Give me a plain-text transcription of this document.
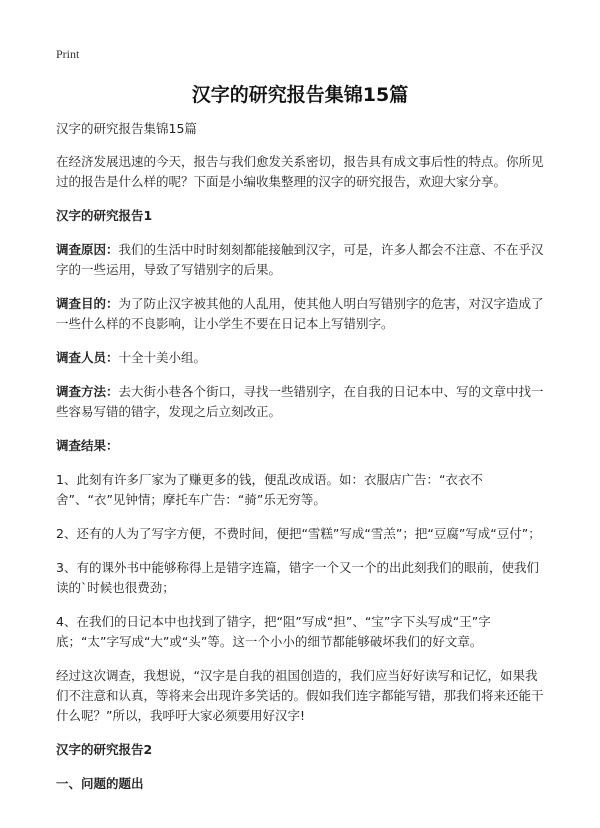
Print
汉字的研究报告集锦15篇

汉字的研究报告集锦15篇

在经济发展迅速的今天，报告与我们愈发关系密切，报告具有成文事后性的特点。你所见过的报告是什么样的呢？下面是小编收集整理的汉字的研究报告，欢迎大家分享。

汉字的研究报告1

调查原因：我们的生活中时时刻刻都能接触到汉字，可是，许多人都会不注意、不在乎汉字的一些运用，导致了写错别字的后果。

调查目的：为了防止汉字被其他的人乱用，使其他人明白写错别字的危害，对汉字造成了一些什么样的不良影响，让小学生不要在日记本上写错别字。

调查人员：十全十美小组。

调查方法：去大街小巷各个街口，寻找一些错别字，在自我的日记本中、写的文章中找一些容易写错的错字，发现之后立刻改正。

调查结果：

1、此刻有许多厂家为了赚更多的钱，便乱改成语。如：衣服店广告：“衣衣不舍”、“衣”见钟情；摩托车广告：“骑”乐无穷等。

2、还有的人为了写字方便，不费时间，便把“雪糕”写成“雪羔”；把“豆腐”写成“豆付”；

3、有的课外书中能够称得上是错字连篇，错字一个又一个的出此刻我们的眼前，使我们读的`时候也很费劲；

4、在我们的日记本中也找到了错字，把“阻”写成“担”、“宝”字下头写成“王”字底；“太”字写成“大”或“头”等。这一个小小的细节都能够破坏我们的好文章。

经过这次调查，我想说，“汉字是自我的祖国创造的，我们应当好好读写和记忆，如果我们不注意和认真，等将来会出现许多笑话的。假如我们连字都能写错，那我们将来还能干什么呢？”所以，我呼吁大家必须要用好汉字!

汉字的研究报告2

一、问题的题出
